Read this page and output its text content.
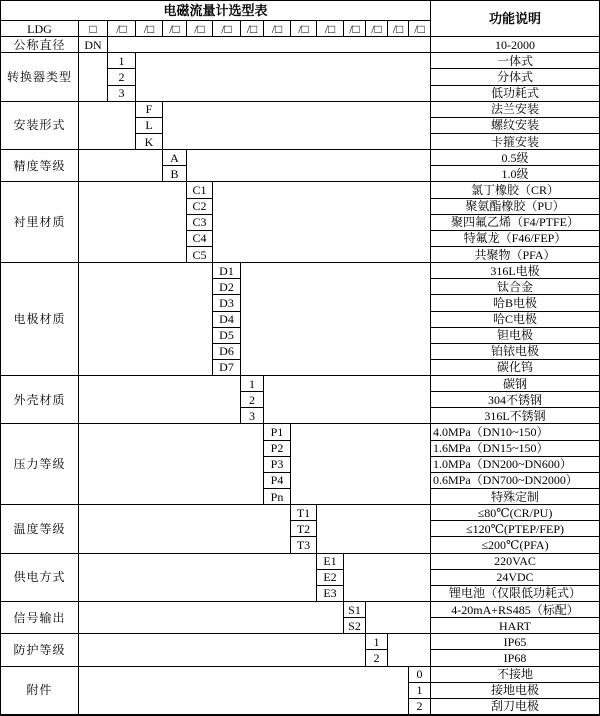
电磁流量计选型表
功能说明
LDG	□	/□	/□	/□	/□	/□	/□	/□	/□	/□	/□ /□ /□ /□
公称直径	DN	10-2000
转换器类型
1	一体式
2	分体式
3	低功耗式
安装形式
F	法兰安装
L	螺纹安装
K	卡箍安装
精度等级
A	0.5级
B	1.0级
衬里材质
C1	氯丁橡胶（CR）
C2	聚氨酯橡胶（PU）
C3	聚四氟乙烯（F4/PTFE）
C4	特氟龙（F46/FEP）
C5	共聚物（PFA）
电极材质
D1	316L电极
D2	钛合金
D3	哈B电极
D4	哈C电极
D5	钽电极
D6	铂铱电极
D7	碳化钨
外壳材质
1	碳钢
2	304不锈钢
3	316L不锈钢
压力等级
P1	4.0MPa（DN10~150）
P2	1.6MPa（DN15~150）
P3	1.0MPa（DN200~DN600）
P4	0.6MPa（DN700~DN2000）
Pn	特殊定制
温度等级
T1	≤80℃(CR/PU)
T2	≤120℃(PTEP/FEP)
T3	≤200℃(PFA)
供电方式
E1	220VAC
E2	24VDC
E3	锂电池（仅限低功耗式）
信号输出
S1	4-20mA+RS485（标配）
S2	HART
防护等级
1	IP65
2	IP68
附件
0	不接地
1	接地电极
2	刮刀电极
